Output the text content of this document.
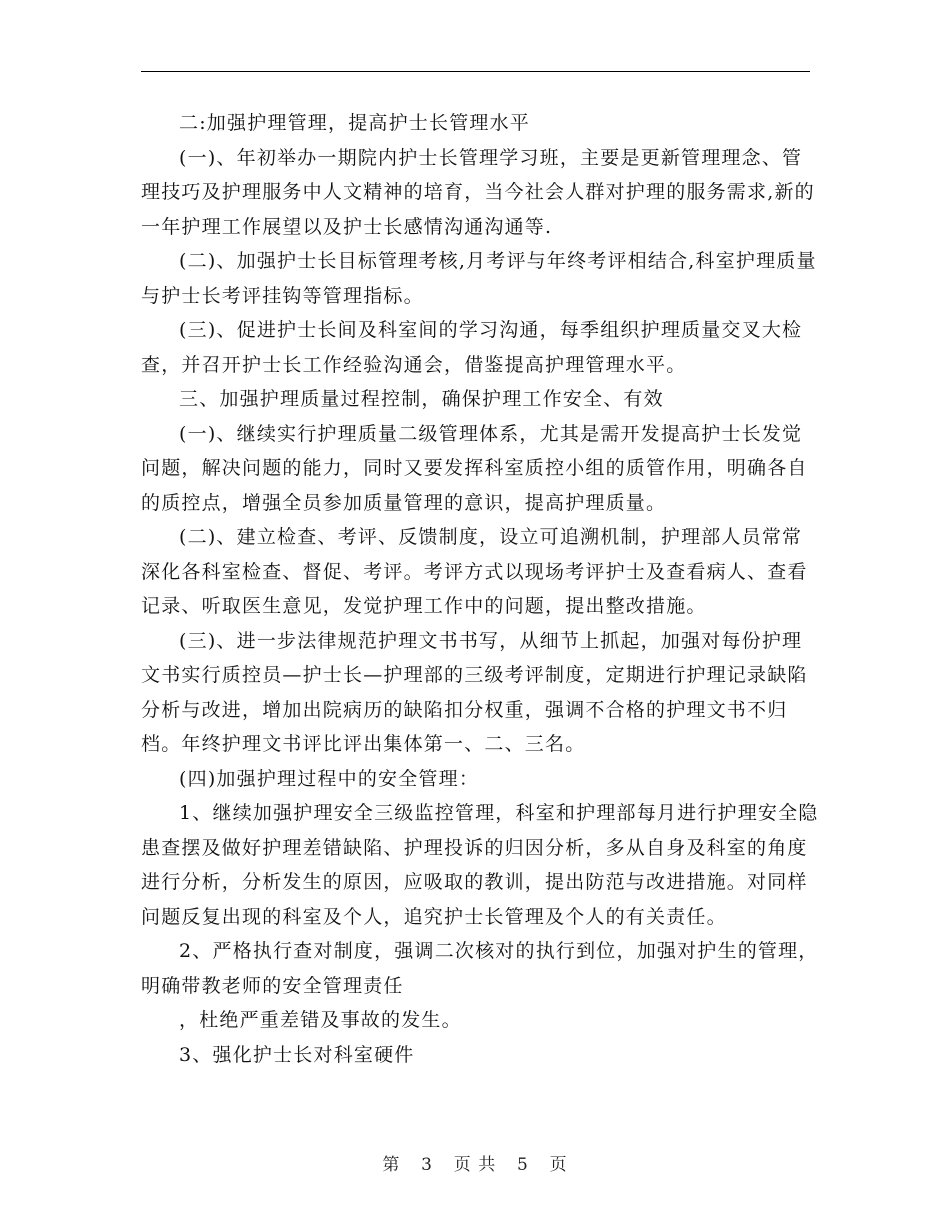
二:加强护理管理，提高护士长管理水平

(一)、年初举办一期院内护士长管理学习班，主要是更新管理理念、管理技巧及护理服务中人文精神的培育，当今社会人群对护理的服务需求,新的一年护理工作展望以及护士长感情沟通沟通等.

(二)、加强护士长目标管理考核,月考评与年终考评相结合,科室护理质量与护士长考评挂钩等管理指标。

(三)、促进护士长间及科室间的学习沟通，每季组织护理质量交叉大检查，并召开护士长工作经验沟通会，借鉴提高护理管理水平。

三、加强护理质量过程控制，确保护理工作安全、有效

(一)、继续实行护理质量二级管理体系，尤其是需开发提高护士长发觉问题，解决问题的能力，同时又要发挥科室质控小组的质管作用，明确各自的质控点，增强全员参加质量管理的意识，提高护理质量。

(二)、建立检查、考评、反馈制度，设立可追溯机制，护理部人员常常深化各科室检查、督促、考评。考评方式以现场考评护士及查看病人、查看记录、听取医生意见，发觉护理工作中的问题，提出整改措施。

(三)、进一步法律规范护理文书书写，从细节上抓起，加强对每份护理文书实行质控员—护士长—护理部的三级考评制度，定期进行护理记录缺陷分析与改进，增加出院病历的缺陷扣分权重，强调不合格的护理文书不归档。年终护理文书评比评出集体第一、二、三名。

(四)加强护理过程中的安全管理：

1、继续加强护理安全三级监控管理，科室和护理部每月进行护理安全隐患查摆及做好护理差错缺陷、护理投诉的归因分析，多从自身及科室的角度进行分析，分析发生的原因，应吸取的教训，提出防范与改进措施。对同样问题反复出现的科室及个人，追究护士长管理及个人的有关责任。

2、严格执行查对制度，强调二次核对的执行到位，加强对护生的管理，明确带教老师的安全管理责任

，杜绝严重差错及事故的发生。

3、强化护士长对科室硬件

第 3 页 共 5 页
